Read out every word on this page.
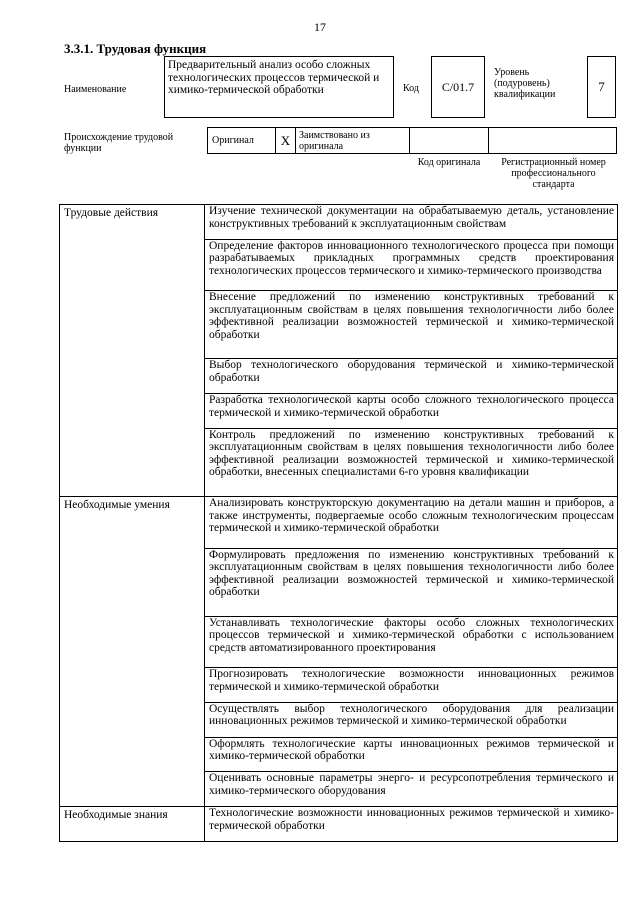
17
3.3.1. Трудовая функция
Наименование
Предварительный анализ особо сложных технологических процессов термической и химико-термической обработки	Код C/01.7
Уровень (подуровень) квалификации
7
Происхождение трудовой функции
Оригинал X Заимствовано из оригинала
Код оригинала	Регистрационный номер профессионального стандарта
Трудовые действия	Изучение технической документации на обрабатываемую деталь, установление конструктивных требований к эксплуатационным свойствам
	Определение факторов инновационного технологического процесса при помощи разрабатываемых прикладных программных средств проектирования технологических процессов термического и химико-термического производства
	Внесение предложений по изменению конструктивных требований к эксплуатационным свойствам в целях повышения технологичности либо более эффективной реализации возможностей термической и химико-термической обработки
	Выбор технологического оборудования термической и химико-термической обработки
	Разработка технологической карты особо сложного технологического процесса термической и химико-термической обработки
	Контроль предложений по изменению конструктивных требований к эксплуатационным свойствам в целях повышения технологичности либо более эффективной реализации возможностей термической и химико-термической обработки, внесенных специалистами 6-го уровня квалификации
Необходимые умения	Анализировать конструкторскую документацию на детали машин и приборов, а также инструменты, подвергаемые особо сложным технологическим процессам термической и химико-термической обработки
	Формулировать предложения по изменению конструктивных требований к эксплуатационным свойствам в целях повышения технологичности либо более эффективной реализации возможностей термической и химико-термической обработки
	Устанавливать технологические факторы особо сложных технологических процессов термической и химико-термической обработки с использованием средств автоматизированного проектирования
	Прогнозировать технологические возможности инновационных режимов термической и химико-термической обработки
	Осуществлять выбор технологического оборудования для реализации инновационных режимов термической и химико-термической обработки
	Оформлять технологические карты инновационных режимов термической и химико-термической обработки
	Оценивать основные параметры энерго- и ресурсопотребления термического и химико-термического оборудования
Необходимые знания	Технологические возможности инновационных режимов термической и химико-термической обработки
